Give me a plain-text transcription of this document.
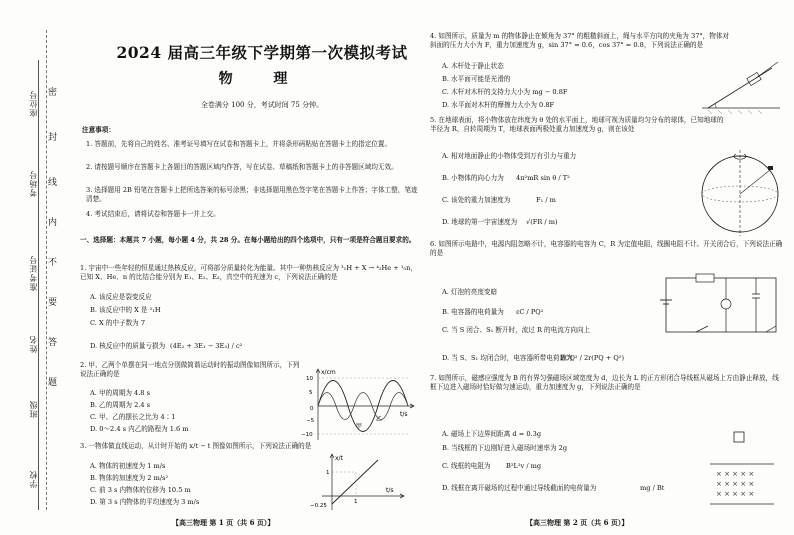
学校
班级
姓名
准考证号
考场号
座位号 密
封
线
内
不
要
答
题
2024 届高三年级下学期第一次模拟考试
物 理
全卷满分 100 分，考试时间 75 分钟。
注意事项：
1. 答题前，先将自己的姓名、准考证号填写在试卷和答题卡上，并将条形码粘贴在答题卡上的指定位置。
2. 请按题号顺序在答题卡上各题目的答题区域内作答，写在试卷、草稿纸和答题卡上的非答题区域均无效。
3. 选择题用 2B 铅笔在答题卡上把所选答案的标号涂黑；非选择题用黑色签字笔在答题卡上作答；字体工整，笔迹清楚。
4. 考试结束后，请将试卷和答题卡一并上交。
一、选择题：本题共 7 小题，每小题 4 分，共 28 分。在每小题给出的四个选项中，只有一项是符合题目要求的。
1. 宇宙中一些年轻的恒星通过热核反应，可将部分质量转化为能量。其中一种热核反应为 ³₁H + X → ⁴₂He + ¹₀n，已知 X、He、n 的比结合能分别为 E₁、E₂、E₃，真空中的光速为 c，下列说法正确的是
A. 该反应是裂变反应
B. 该反应中的 X 是 ²₁H
C. X 的中子数为 7
D. 核反应中的质量亏损为 (4E₂ + 3E₁ − 3E₃) / c²
2. 甲、乙两个单摆在同一地点分别做简谐运动时的振动图像如图所示，下列说法正确的是
A. 甲的周期为 4.8 s
B. 乙的周期为 2.4 s
C. 甲、乙的摆长之比为 4∶1
D. 0～2.4 s 内乙的路程为 1.6 m
x/cm
t/s
10
5
0
−5
−10
甲
乙
3. 一物体做直线运动，从计时开始的 x/t − t 图像如图所示，下列说法正确的是
A. 物体的初速度为 1 m/s
B. 物体的加速度为 2 m/s²
C. 前 3 s 内物体的位移为 10.5 m
D. 第 3 s 内物体的平均速度为 3 m/s
x/t
t/s
1
1
−0.25
【高三物理 第 1 页（共 6 页）】
4. 如图所示，质量为 m 的物体静止在倾角为 37° 的粗糙斜面上，绳与水平方向的夹角为 37°，物体对斜面的压力大小为 F，重力加速度为 g，sin 37° = 0.6，cos 37° = 0.8，下列说法正确的是
A. 木杆处于静止状态
B. 水平面可能是光滑的
C. 木杆对木杆的支持力大小为 mg − 0.8F
D. 水平面对木杆的摩擦力大小为 0.8F
5. 在地球表面，将小物体放在纬度为 θ 处的水平面上，地球可视为质量均匀分布的球体，已知地球的半径为 R，自转周期为 T，地球表面两极处重力加速度为 g，则在该处
A. 相对地面静止的小物体受到万有引力与重力
B. 小物体的向心力为 4π²mR sin θ / T²
C. 该处的重力加速度为	F₁ / m
D. 地球的第一宇宙速度为 √(FR / m)
6. 如图所示电路中，电源内阻忽略不计，电容器的电容为 C，R 为定值电阻，线圈电阻不计。开关闭合后，下列说法正确的是
A. 灯泡的亮度变暗
B. 电容器的电荷量为 εC / PQ²
C. 当 S 闭合、S₁ 断开时，流过 R 的电流方向向上
D. 当 S、S₁ 均闭合时，电容器所带电荷量为
PCQ² / 2r(PQ + Q²)
7. 如图所示，磁感应强度为 B 的有界匀强磁场区域宽度为 d，边长为 L 的正方形闭合导线框从磁场上方由静止释放，线框下边进入磁场时恰好做匀速运动，重力加速度为 g，下列说法正确的是
A. 磁场上下边界间距离 d = 0.3g
B. 当线框的下边刚好进入磁场时速率为 2g
C. 线框的电阻为 B²L²v / mg
D. 线框在离开磁场的过程中通过导线截面的电荷量为	mg / Bt
× × × × ×
× × × × ×
× × × × ×
【高三物理 第 2 页（共 6 页）】
